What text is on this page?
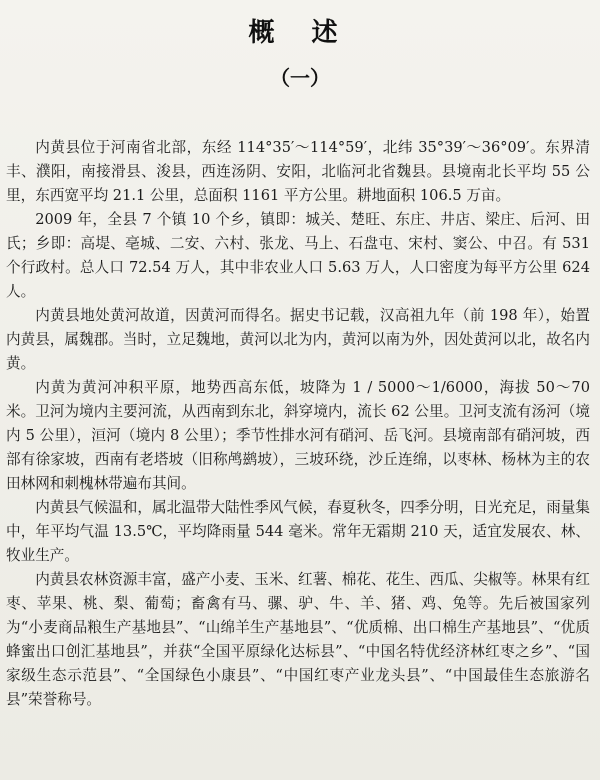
概 述
（一）

内黄县位于河南省北部，东经 114°35′～114°59′，北纬 35°39′～36°09′。东界清丰、濮阳，南接滑县、浚县，西连汤阴、安阳，北临河北省魏县。县境南北长平均 55 公里，东西宽平均 21.1 公里，总面积 1161 平方公里。耕地面积 106.5 万亩。

2009 年，全县 7 个镇 10 个乡，镇即：城关、楚旺、东庄、井店、梁庄、后河、田氏；乡即：高堤、亳城、二安、六村、张龙、马上、石盘屯、宋村、窦公、中召。有 531 个行政村。总人口 72.54 万人，其中非农业人口 5.63 万人，人口密度为每平方公里 624 人。

内黄县地处黄河故道，因黄河而得名。据史书记载，汉高祖九年（前 198 年），始置内黄县，属魏郡。当时，立足魏地，黄河以北为内，黄河以南为外，因处黄河以北，故名内黄。

内黄为黄河冲积平原，地势西高东低，坡降为 1 / 5000～1/6000，海拔 50～70 米。卫河为境内主要河流，从西南到东北，斜穿境内，流长 62 公里。卫河支流有汤河（境内 5 公里），洹河（境内 8 公里）；季节性排水河有硝河、岳飞河。县境南部有硝河坡，西部有徐家坡，西南有老塔坡（旧称鸬鹚坡），三坡环绕，沙丘连绵，以枣林、杨林为主的农田林网和刺槐林带遍布其间。

内黄县气候温和，属北温带大陆性季风气候，春夏秋冬，四季分明，日光充足，雨量集中，年平均气温 13.5℃，平均降雨量 544 毫米。常年无霜期 210 天，适宜发展农、林、牧业生产。

内黄县农林资源丰富，盛产小麦、玉米、红薯、棉花、花生、西瓜、尖椒等。林果有红枣、苹果、桃、梨、葡萄；畜禽有马、骡、驴、牛、羊、猪、鸡、兔等。先后被国家列为“小麦商品粮生产基地县”、“山绵羊生产基地县”、“优质棉、出口棉生产基地县”、“优质蜂蜜出口创汇基地县”，并获“全国平原绿化达标县”、“中国名特优经济林红枣之乡”、“国家级生态示范县”、“全国绿色小康县”、“中国红枣产业龙头县”、“中国最佳生态旅游名县”荣誉称号。
